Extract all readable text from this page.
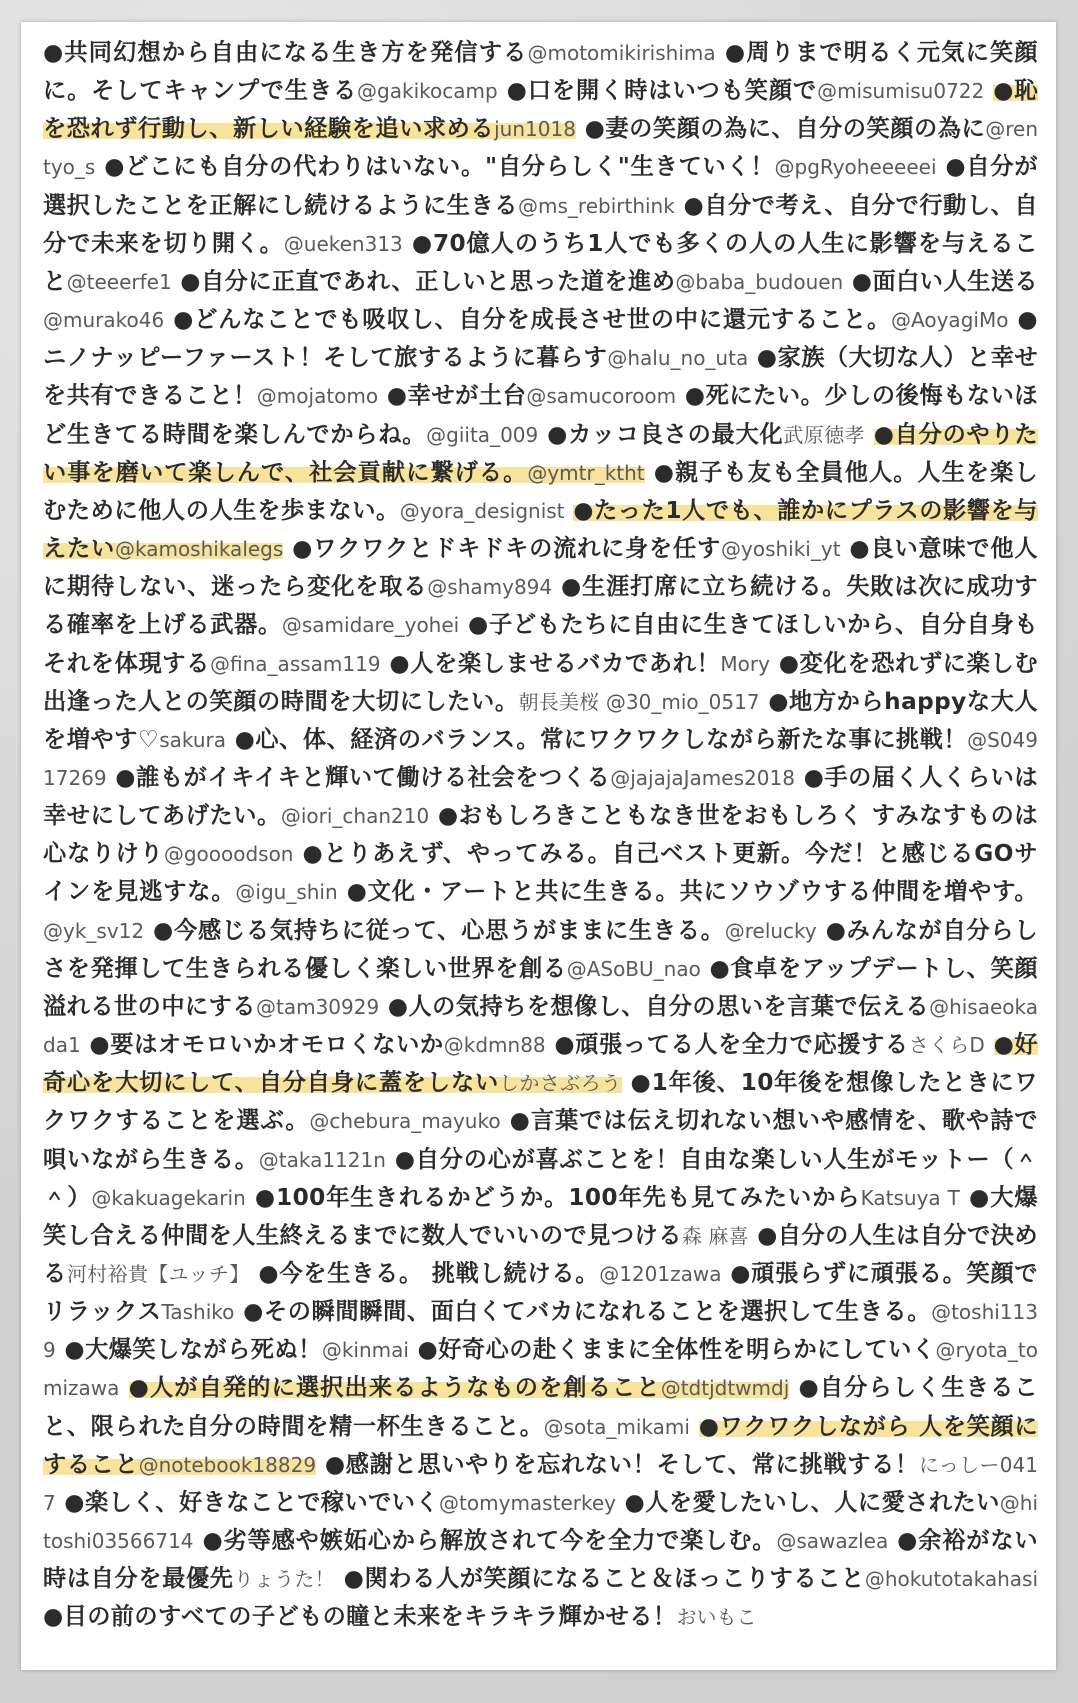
●共同幻想から自由になる生き方を発信する@motomikirishima ●周りまで明るく元気に笑顔に。そしてキャンプで生きる@gakikocamp ●口を開く時はいつも笑顔で@misumisu0722 ●恥を恐れず行動し、新しい経験を追い求めるjun1018 ●妻の笑顔の為に、自分の笑顔の為に@rentyo_s ●どこにも自分の代わりはいない。"自分らしく"生きていく！@pgRyoheeeeei ●自分が選択したことを正解にし続けるように生きる@ms_rebirthink ●自分で考え、自分で行動し、自分で未来を切り開く。@ueken313 ●70億人のうち1人でも多くの人の人生に影響を与えること@teeerfe1 ●自分に正直であれ、正しいと思った道を進め@baba_budouen ●面白い人生送る@murako46 ●どんなことでも吸収し、自分を成長させ世の中に還元すること。@AoyagiMo ●ニノナッピーファースト！そして旅するように暮らす@halu_no_uta ●家族（大切な人）と幸せを共有できること！@mojatomo ●幸せが土台@samucoroom ●死にたい。少しの後悔もないほど生きてる時間を楽しんでからね。@giita_009 ●カッコ良さの最大化武原徳孝 ●自分のやりたい事を磨いて楽しんで、社会貢献に繋げる。@ymtr_ktht ●親子も友も全員他人。人生を楽しむために他人の人生を歩まない。@yora_designist ●たった1人でも、誰かにプラスの影響を与えたい@kamoshikalegs ●ワクワクとドキドキの流れに身を任す@yoshiki_yt ●良い意味で他人に期待しない、迷ったら変化を取る@shamy894 ●生涯打席に立ち続ける。失敗は次に成功する確率を上げる武器。@samidare_yohei ●子どもたちに自由に生きてほしいから、自分自身もそれを体現する@fina_assam119 ●人を楽しませるバカであれ！Mory ●変化を恐れずに楽しむ 出逢った人との笑顔の時間を大切にしたい。朝長美桜 @30_mio_0517 ●地方からhappyな大人を増やす♡sakura ●心、体、経済のバランス。常にワクワクしながら新たな事に挑戦！@S04917269 ●誰もがイキイキと輝いて働ける社会をつくる@jajajaJames2018 ●手の届く人くらいは幸せにしてあげたい。@iori_chan210 ●おもしろきこともなき世をおもしろく すみなすものは心なりけり@goooodson ●とりあえず、やってみる。自己ベスト更新。今だ！と感じるGOサインを見逃すな。@igu_shin ●文化・アートと共に生きる。共にソウゾウする仲間を増やす。@yk_sv12 ●今感じる気持ちに従って、心思うがままに生きる。@relucky ●みんなが自分らしさを発揮して生きられる優しく楽しい世界を創る@ASoBU_nao ●食卓をアップデートし、笑顔溢れる世の中にする@tam30929 ●人の気持ちを想像し、自分の思いを言葉で伝える@hisaeokada1 ●要はオモロいかオモロくないか@kdmn88 ●頑張ってる人を全力で応援するさくらD ●好奇心を大切にして、自分自身に蓋をしないしかさぶろう ●1年後、10年後を想像したときにワクワクすることを選ぶ。@chebura_mayuko ●言葉では伝え切れない想いや感情を、歌や詩で唄いながら生きる。@taka1121n ●自分の心が喜ぶことを！自由な楽しい人生がモットー（＾＾）@kakuagekarin ●100年生きれるかどうか。100年先も見てみたいからKatsuya T ●大爆笑し合える仲間を人生終えるまでに数人でいいので見つける森 麻喜 ●自分の人生は自分で決める河村裕貴【ユッチ】 ●今を生きる。 挑戦し続ける。@1201zawa ●頑張らずに頑張る。笑顔でリラックスTashiko ●その瞬間瞬間、面白くてバカになれることを選択して生きる。@toshi1139 ●大爆笑しながら死ぬ！@kinmai ●好奇心の赴くままに全体性を明らかにしていく@ryota_tomizawa ●人が自発的に選択出来るようなものを創ること@tdtjdtwmdj ●自分らしく生きること、限られた自分の時間を精一杯生きること。@sota_mikami ●ワクワクしながら 人を笑顔にすること@notebook18829 ●感謝と思いやりを忘れない！そして、常に挑戦する！にっしー0417 ●楽しく、好きなことで稼いでいく@tomymasterkey ●人を愛したいし、人に愛されたい@hitoshi03566714 ●劣等感や嫉妬心から解放されて今を全力で楽しむ。@sawazlea ●余裕がない時は自分を最優先りょうた！ ●関わる人が笑顔になること＆ほっこりすること@hokutotakahasi ●目の前のすべての子どもの瞳と未来をキラキラ輝かせる！おいもこ
